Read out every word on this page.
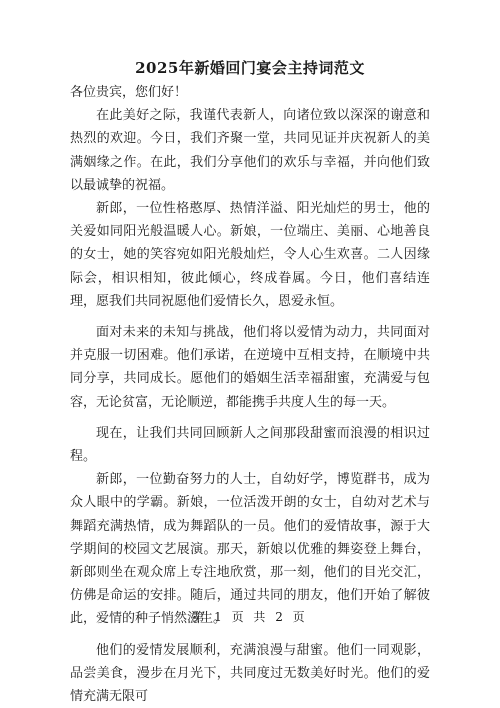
2025年新婚回门宴会主持词范文

各位贵宾，您们好！

在此美好之际，我谨代表新人，向诸位致以深深的谢意和热烈的欢迎。今日，我们齐聚一堂，共同见证并庆祝新人的美满姻缘之作。在此，我们分享他们的欢乐与幸福，并向他们致以最诚挚的祝福。

新郎，一位性格憨厚、热情洋溢、阳光灿烂的男士，他的关爱如同阳光般温暖人心。新娘，一位端庄、美丽、心地善良的女士，她的笑容宛如阳光般灿烂，令人心生欢喜。二人因缘际会，相识相知，彼此倾心，终成眷属。今日，他们喜结连理，愿我们共同祝愿他们爱情长久，恩爱永恒。

面对未来的未知与挑战，他们将以爱情为动力，共同面对并克服一切困难。他们承诺，在逆境中互相支持，在顺境中共同分享，共同成长。愿他们的婚姻生活幸福甜蜜，充满爱与包容，无论贫富，无论顺逆，都能携手共度人生的每一天。

现在，让我们共同回顾新人之间那段甜蜜而浪漫的相识过程。

新郎，一位勤奋努力的人士，自幼好学，博览群书，成为众人眼中的学霸。新娘，一位活泼开朗的女士，自幼对艺术与舞蹈充满热情，成为舞蹈队的一员。他们的爱情故事，源于大学期间的校园文艺展演。那天，新娘以优雅的舞姿登上舞台，新郎则坐在观众席上专注地欣赏，那一刻，他们的目光交汇，仿佛是命运的安排。随后，通过共同的朋友，他们开始了解彼此，爱情的种子悄然滋生。

他们的爱情发展顺利，充满浪漫与甜蜜。他们一同观影，品尝美食，漫步在月光下，共同度过无数美好时光。他们的爱情充满无限可

第 1 页 共 2 页
